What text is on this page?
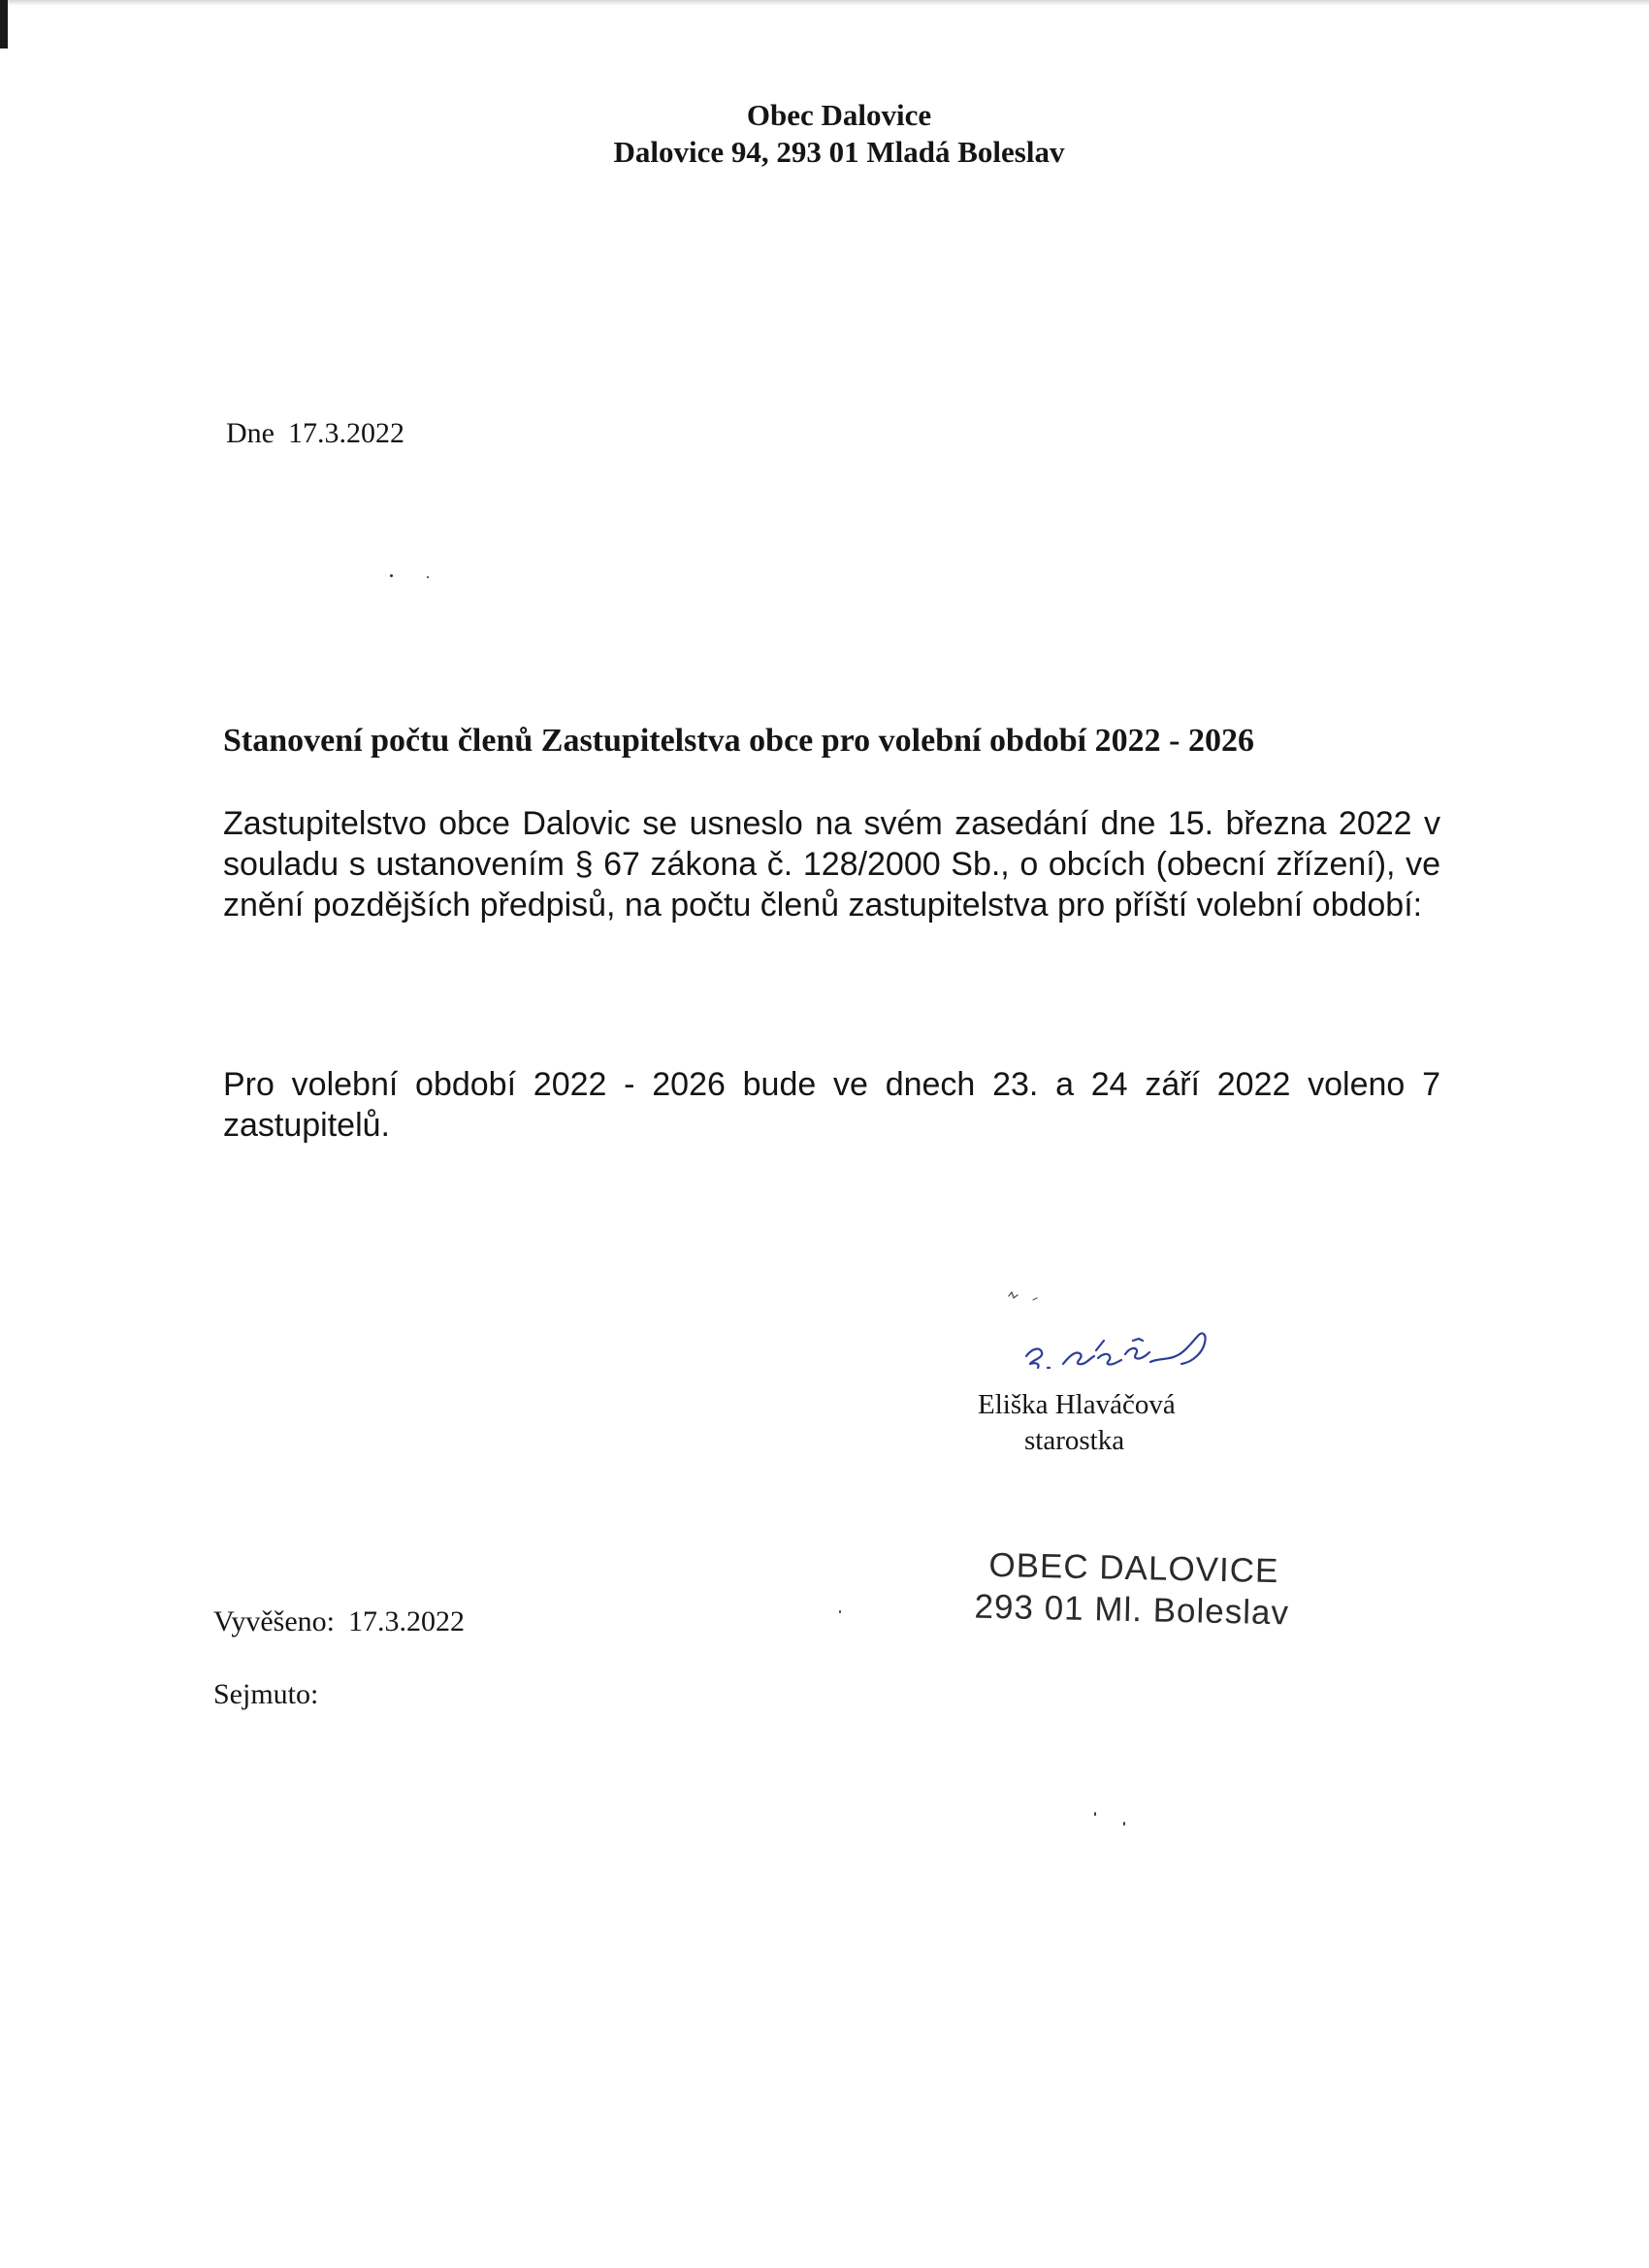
Obec Dalovice
Dalovice 94, 293 01 Mladá Boleslav
Dne 17.3.2022
Stanovení počtu členů Zastupitelstva obce pro volební období 2022 - 2026
Zastupitelstvo obce Dalovic se usneslo na svém zasedání dne 15. března 2022 v souladu s ustanovením § 67 zákona č. 128/2000 Sb., o obcích (obecní zřízení), ve znění pozdějších předpisů, na počtu členů zastupitelstva pro příští volební období:
Pro volební období 2022 - 2026 bude ve dnech 23. a 24 září 2022 voleno 7 zastupitelů.
Eliška Hlaváčová
starostka
OBEC DALOVICE
293 01 Ml. Boleslav
Vyvěšeno: 17.3.2022
Sejmuto:
